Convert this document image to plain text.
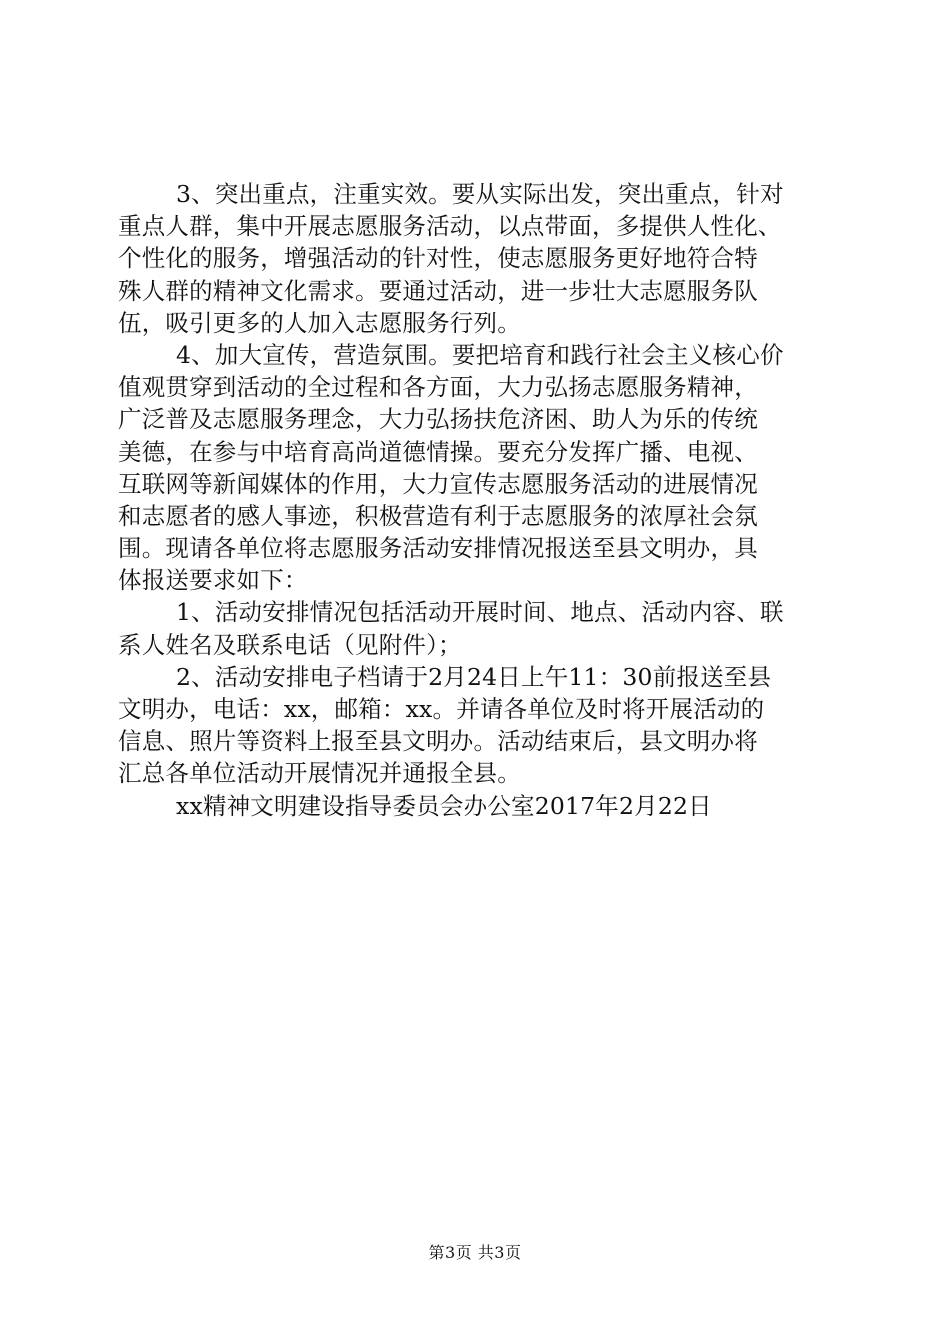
3、突出重点，注重实效。要从实际出发，突出重点，针对
重点人群，集中开展志愿服务活动，以点带面，多提供人性化、
个性化的服务，增强活动的针对性，使志愿服务更好地符合特
殊人群的精神文化需求。要通过活动，进一步壮大志愿服务队
伍，吸引更多的人加入志愿服务行列。
4、加大宣传，营造氛围。要把培育和践行社会主义核心价
值观贯穿到活动的全过程和各方面，大力弘扬志愿服务精神，
广泛普及志愿服务理念，大力弘扬扶危济困、助人为乐的传统
美德，在参与中培育高尚道德情操。要充分发挥广播、电视、
互联网等新闻媒体的作用，大力宣传志愿服务活动的进展情况
和志愿者的感人事迹，积极营造有利于志愿服务的浓厚社会氛
围。现请各单位将志愿服务活动安排情况报送至县文明办，具
体报送要求如下：
1、活动安排情况包括活动开展时间、地点、活动内容、联
系人姓名及联系电话（见附件）；
2、活动安排电子档请于2月24日上午11：30前报送至县
文明办，电话：xx，邮箱：xx。并请各单位及时将开展活动的
信息、照片等资料上报至县文明办。活动结束后，县文明办将
汇总各单位活动开展情况并通报全县。
xx精神文明建设指导委员会办公室2017年2月22日
第3页 共3页
